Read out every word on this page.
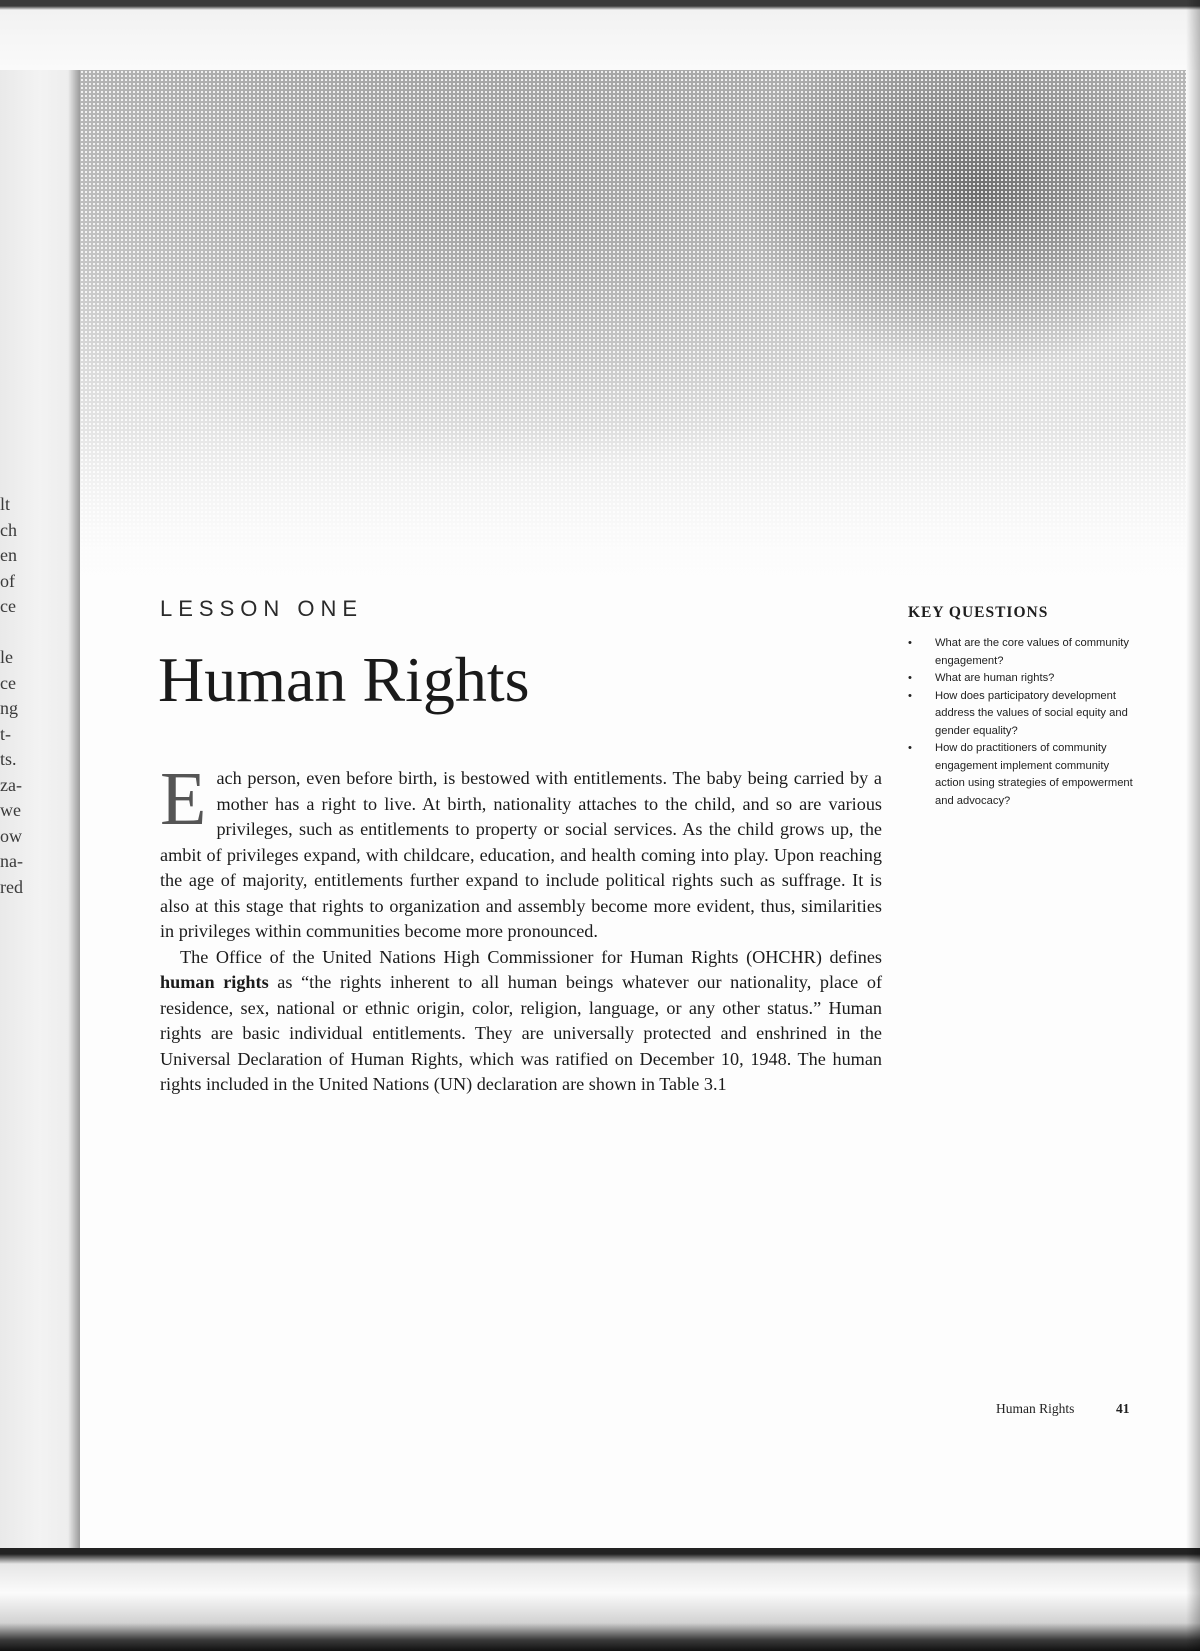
lt
ch
en
of
ce
le
ce
ng
t-
ts.
za-
we
ow
na-
red
LESSON ONE
Human Rights

Each person, even before birth, is bestowed with entitlements. The baby being carried by a mother has a right to live. At birth, nationality attaches to the child, and so are various privileges, such as entitlements to property or social services. As the child grows up, the ambit of privileges expand, with childcare, education, and health coming into play. Upon reaching the age of majority, entitlements further expand to include political rights such as suffrage. It is also at this stage that rights to organization and assembly become more evident, thus, similarities in privileges within communities become more pronounced.

The Office of the United Nations High Commissioner for Human Rights (OHCHR) defines human rights as “the rights inherent to all human beings whatever our nationality, place of residence, sex, national or ethnic origin, color, religion, language, or any other status.” Human rights are basic individual entitlements. They are universally protected and enshrined in the Universal Declaration of Human Rights, which was ratified on December 10, 1948. The human rights included in the United Nations (UN) declaration are shown in Table 3.1

KEY QUESTIONS
• What are the core values of community engagement?
• What are human rights?
• How does participatory development address the values of social equity and gender equality?
• How do practitioners of community engagement implement community action using strategies of empowerment and advocacy?
Human Rights	41
